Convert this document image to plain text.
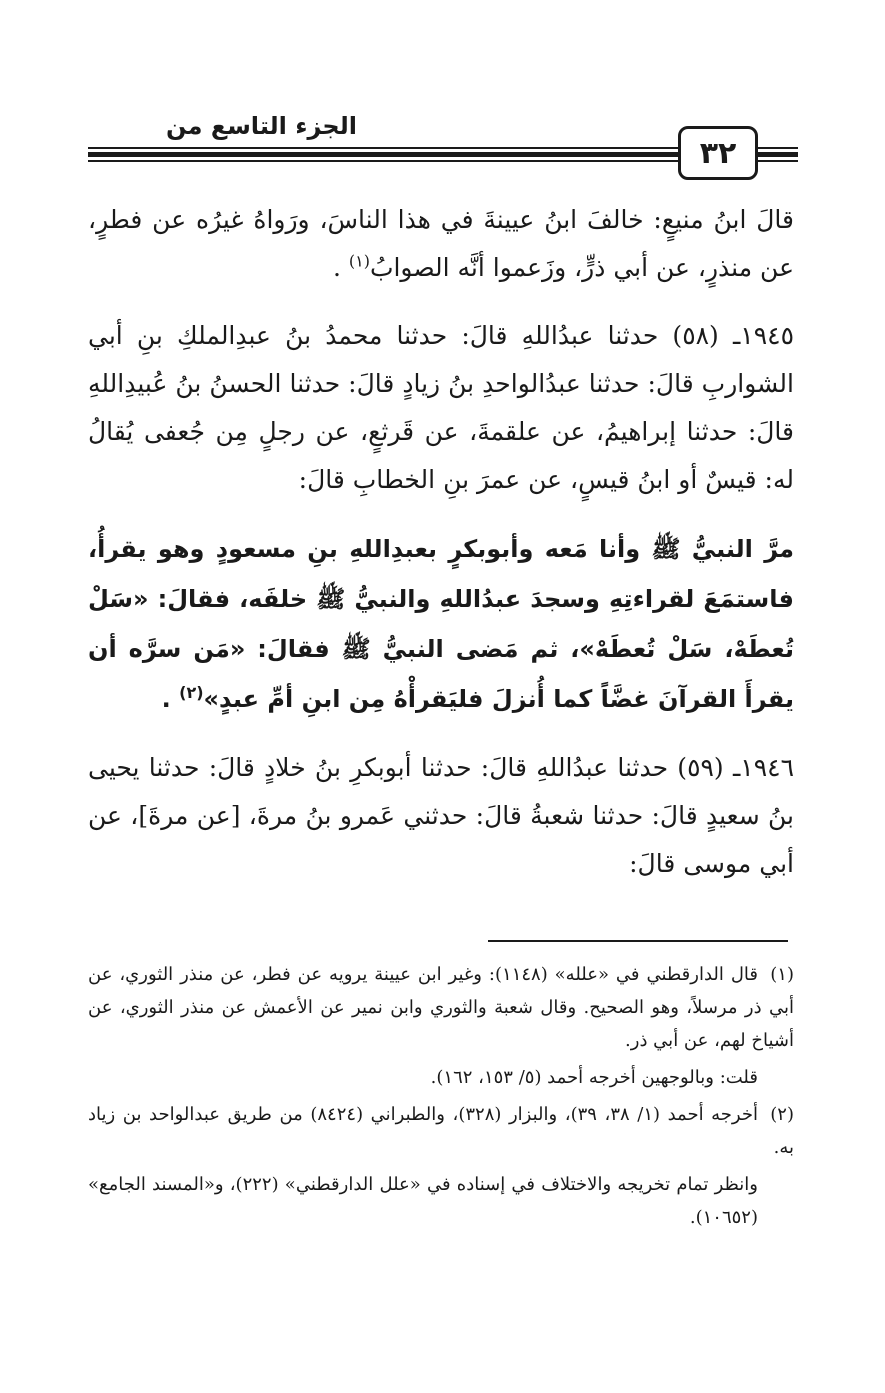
الجزء التاسع من
٣٢

قالَ ابنُ منيعٍ: خالفَ ابنُ عيينةَ في هذا الناسَ، ورَواهُ غيرُه عن فطرٍ، عن منذرٍ، عن أبي ذرٍّ، وزَعموا أنَّه الصوابُ$^{(١)}$ .

١٩٤٥ـ (٥٨) حدثنا عبدُاللهِ قالَ: حدثنا محمدُ بنُ عبدِالملكِ بنِ أبي الشواربِ قالَ: حدثنا عبدُالواحدِ بنُ زيادٍ قالَ: حدثنا الحسنُ بنُ عُبيدِاللهِ قالَ: حدثنا إبراهيمُ، عن علقمةَ، عن قَرثعٍ، عن رجلٍ مِن جُعفى يُقالُ له: قيسٌ أو ابنُ قيسٍ، عن عمرَ بنِ الخطابِ قالَ:

مرَّ النبيُّ ﷺ وأنا مَعه وأبوبكرٍ بعبدِاللهِ بنِ مسعودٍ وهو يقرأُ، فاستمَعَ لقراءتِهِ وسجدَ عبدُاللهِ والنبيُّ ﷺ خلفَه، فقالَ: «سَلْ تُعطَهْ، سَلْ تُعطَهْ»، ثم مَضى النبيُّ ﷺ فقالَ: «مَن سرَّه أن يقرأَ القرآنَ غضَّاً كما أُنزلَ فليَقرأْهُ مِن ابنِ أمِّ عبدٍ»$^{(٢)}$ .

١٩٤٦ـ (٥٩) حدثنا عبدُاللهِ قالَ: حدثنا أبوبكرِ بنُ خلادٍ قالَ: حدثنا يحيى بنُ سعيدٍ قالَ: حدثنا شعبةُ قالَ: حدثني عَمرو بنُ مرةَ، [عن مرةَ]، عن أبي موسى قالَ:

(١)قال الدارقطني في «علله» (١١٤٨): وغير ابن عيينة يرويه عن فطر، عن منذر الثوري، عن أبي ذر مرسلاً، وهو الصحيح. وقال شعبة والثوري وابن نمير عن الأعمش عن منذر الثوري، عن أشياخ لهم، عن أبي ذر.

قلت: وبالوجهين أخرجه أحمد (٥/ ١٥٣، ١٦٢).

(٢)أخرجه أحمد (١/ ٣٨، ٣٩)، والبزار (٣٢٨)، والطبراني (٨٤٢٤) من طريق عبدالواحد بن زياد به.

وانظر تمام تخريجه والاختلاف في إسناده في «علل الدارقطني» (٢٢٢)، و«المسند الجامع» (١٠٦٥٢).
